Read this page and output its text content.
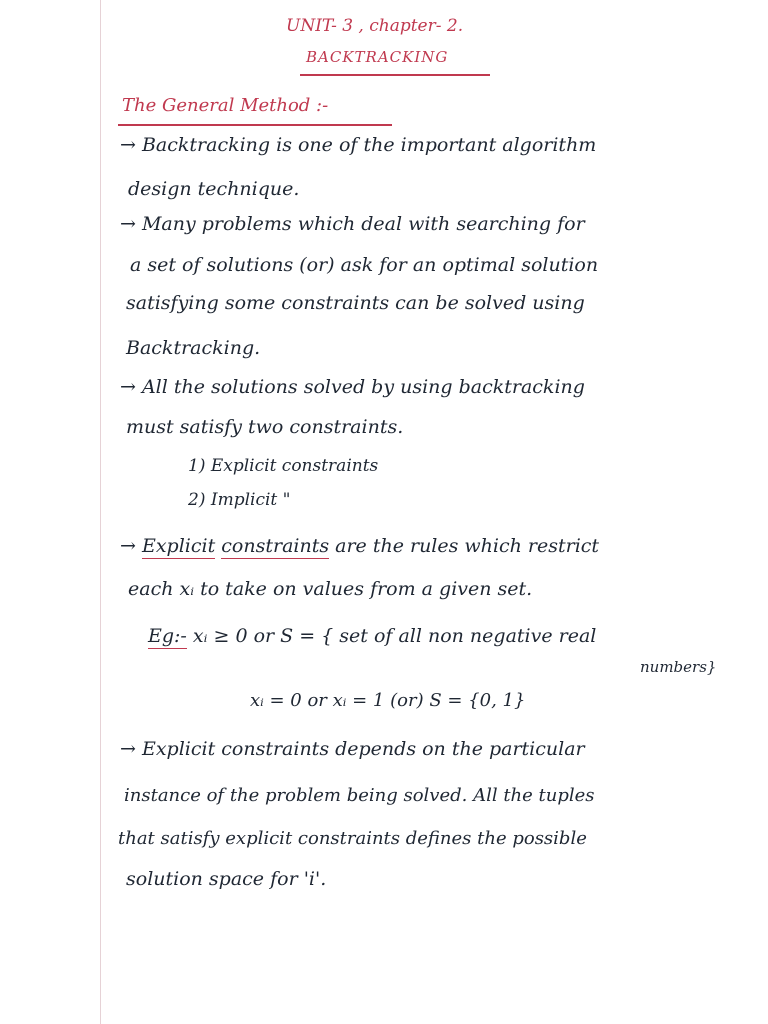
UNIT- 3 , chapter- 2.
BACKTRACKING
The General Method :-
→ Backtracking is one of the important algorithm
design technique.
→ Many problems which deal with searching for
a set of solutions (or) ask for an optimal solution
satisfying some constraints can be solved using
Backtracking.
→ All the solutions solved by using backtracking
must satisfy two constraints.
1) Explicit constraints
2) Implicit "
→ Explicit constraints are the rules which restrict
each xᵢ to take on values from a given set.
Eg:- xᵢ ≥ 0 or S = { set of all non negative real
numbers}
xᵢ = 0 or xᵢ = 1 (or) S = {0, 1}
→ Explicit constraints depends on the particular
instance of the problem being solved. All the tuples
that satisfy explicit constraints defines the possible
solution space for 'i'.
